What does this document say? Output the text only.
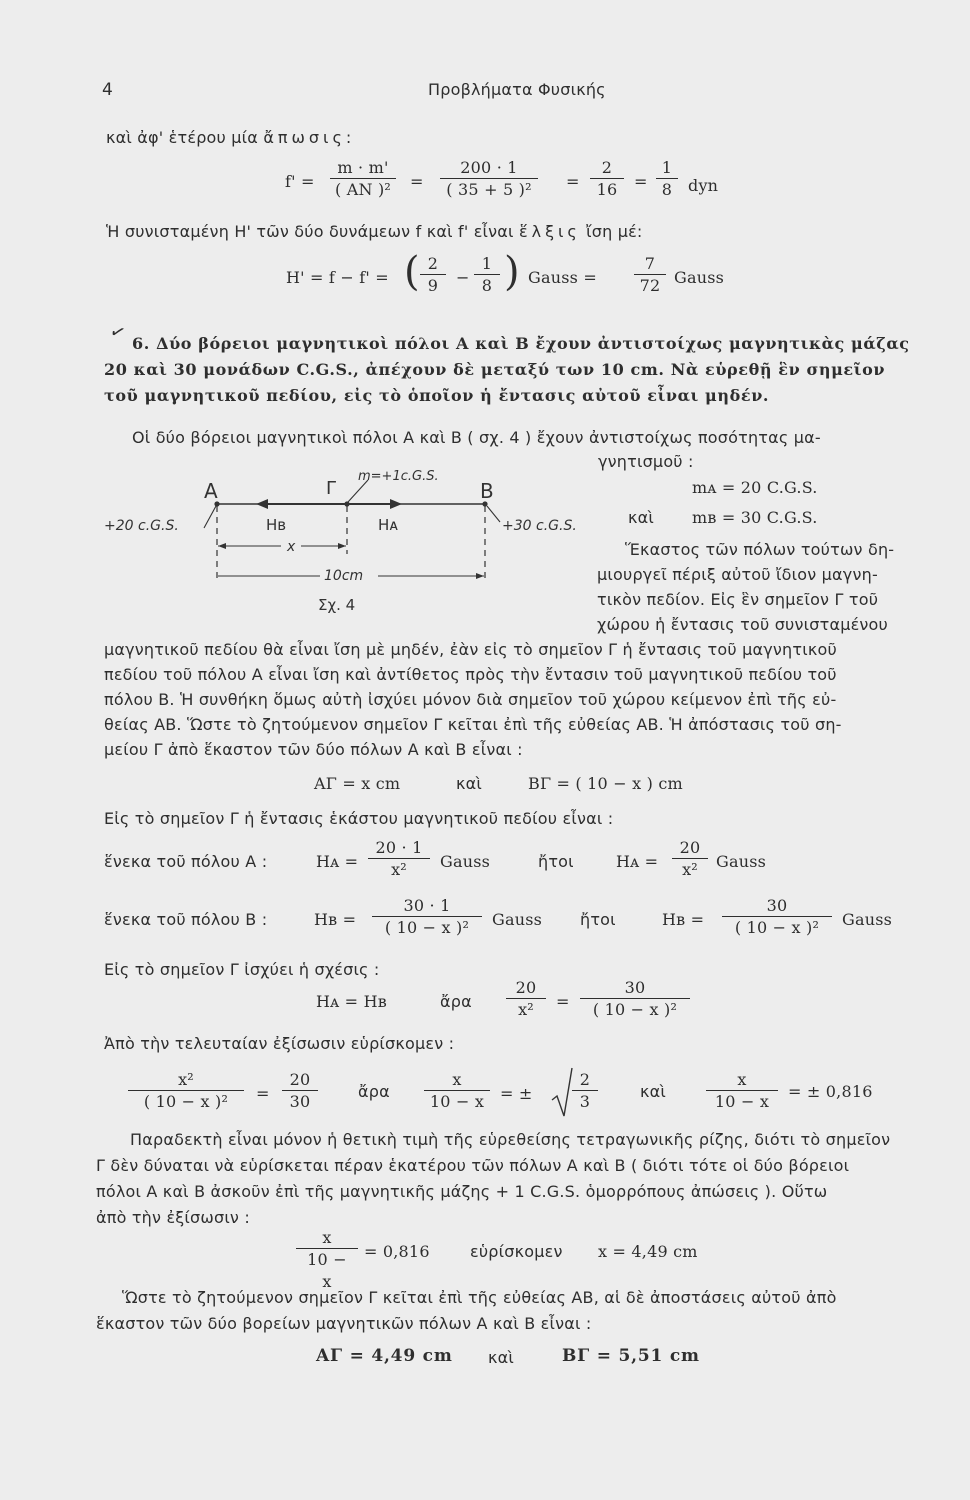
4	Προβλήματα Φυσικής
καὶ ἀφ' ἑτέρου μία ἄπωσις:
$f' = \frac{m \cdot m'}{\text{( AN )²}} = \frac{200 \cdot 1}{\text{( 35 + 5 )²}} = \frac{2}{16} = \frac{1}{8}$ dyn
Ἡ συνισταμένη Η' τῶν δύο δυνάμεων f καὶ f' εἶναι ἕλξις ἴση μέ:
H' = f − f' = ( $\frac{2}{9} - \frac{1}{8}$ ) Gauss = $\frac{7}{72}$ Gauss
✓ 6. Δύο βόρειοι μαγνητικοὶ πόλοι Α καὶ Β ἔχουν ἀντιστοίχως μαγνητικὰς μάζας
20 καὶ 30 μονάδων C.G.S., ἀπέχουν δὲ μεταξύ των 10 cm. Νὰ εὑρεθῇ ἓν σημεῖον
τοῦ μαγνητικοῦ πεδίου, εἰς τὸ ὁποῖον ἡ ἔντασις αὐτοῦ εἶναι μηδέν.
Οἱ δύο βόρειοι μαγνητικοὶ πόλοι Α καὶ Β ( σχ. 4 ) ἔχουν ἀντιστοίχως ποσότητας μα-
γνητισμοῦ :
A	B
Γ
m=+1c.G.S.
Hʙ	Hᴀ
+20 c.G.S.	+30 c.G.S.
x
10cm
Σχ. 4
mᴀ = 20 C.G.S.
καὶ mʙ = 30 C.G.S.
Ἕκαστος τῶν πόλων τούτων δη-
μιουργεῖ πέριξ αὐτοῦ ἴδιον μαγνη-
τικὸν πεδίον. Εἰς ἓν σημεῖον Γ τοῦ
χώρου ἡ ἔντασις τοῦ συνισταμένου
μαγνητικοῦ πεδίου θὰ εἶναι ἴση μὲ μηδέν, ἐὰν εἰς τὸ σημεῖον Γ ἡ ἔντασις τοῦ μαγνητικοῦ
πεδίου τοῦ πόλου Α εἶναι ἴση καὶ ἀντίθετος πρὸς τὴν ἔντασιν τοῦ μαγνητικοῦ πεδίου τοῦ
πόλου Β. Ἡ συνθήκη ὅμως αὐτὴ ἰσχύει μόνον διὰ σημεῖον τοῦ χώρου κείμενον ἐπὶ τῆς εὐ-
θείας ΑΒ. Ὥστε τὸ ζητούμενον σημεῖον Γ κεῖται ἐπὶ τῆς εὐθείας ΑΒ. Ἡ ἀπόστασις τοῦ ση-
μείου Γ ἀπὸ ἕκαστον τῶν δύο πόλων Α καὶ Β εἶναι :
ΑΓ = x cm	καὶ	ΒΓ = ( 10 − x ) cm
Εἰς τὸ σημεῖον Γ ἡ ἔντασις ἑκάστου μαγνητικοῦ πεδίου εἶναι :
ἕνεκα τοῦ πόλου Α :	Hᴀ = $\frac{20 \cdot 1}{\text{x²}}$ Gauss	ἤτοι	Hᴀ = $\frac{20}{\text{x²}}$ Gauss
ἕνεκα τοῦ πόλου Β :	Hʙ = $\frac{30 \cdot 1}{\text{( 10 − x )²}}$ Gauss ἤτοι	Hʙ = $\frac{30}{\text{( 10 − x )²}}$ Gauss
Εἰς τὸ σημεῖον Γ ἰσχύει ἡ σχέσις :
Hᴀ = Hʙ	ἄρα $\frac{20}{\text{x²}} = \frac{30}{\text{( 10 − x )²}}$
Ἀπὸ τὴν τελευταίαν ἐξίσωσιν εὑρίσκομεν :
$\frac{\text{x²}}{\text{( 10 − x )²}} = \frac{20}{30}$	ἄρα $\frac{x}{10 - x}$ = ± $\frac{2}{3}$	καὶ	$\frac{x}{10 - x}$ = ± 0,816
Παραδεκτὴ εἶναι μόνον ἡ θετικὴ τιμὴ τῆς εὑρεθείσης τετραγωνικῆς ρίζης, διότι τὸ σημεῖον
Γ δὲν δύναται νὰ εὑρίσκεται πέραν ἑκατέρου τῶν πόλων Α καὶ Β ( διότι τότε οἱ δύο βόρειοι
πόλοι Α καὶ Β ἀσκοῦν ἐπὶ τῆς μαγνητικῆς μάζης + 1 C.G.S. ὁμορρόπους ἀπώσεις ). Οὕτω
ἀπὸ τὴν ἐξίσωσιν :
$\frac{x}{10 - x} = 0,816$	εὑρίσκομεν x = 4,49 cm
Ὥστε τὸ ζητούμενον σημεῖον Γ κεῖται ἐπὶ τῆς εὐθείας ΑΒ, αἱ δὲ ἀποστάσεις αὐτοῦ ἀπὸ
ἕκαστον τῶν δύο βορείων μαγνητικῶν πόλων Α καὶ Β εἶναι :
ΑΓ = 4,49 cm καὶ	ΒΓ = 5,51 cm
